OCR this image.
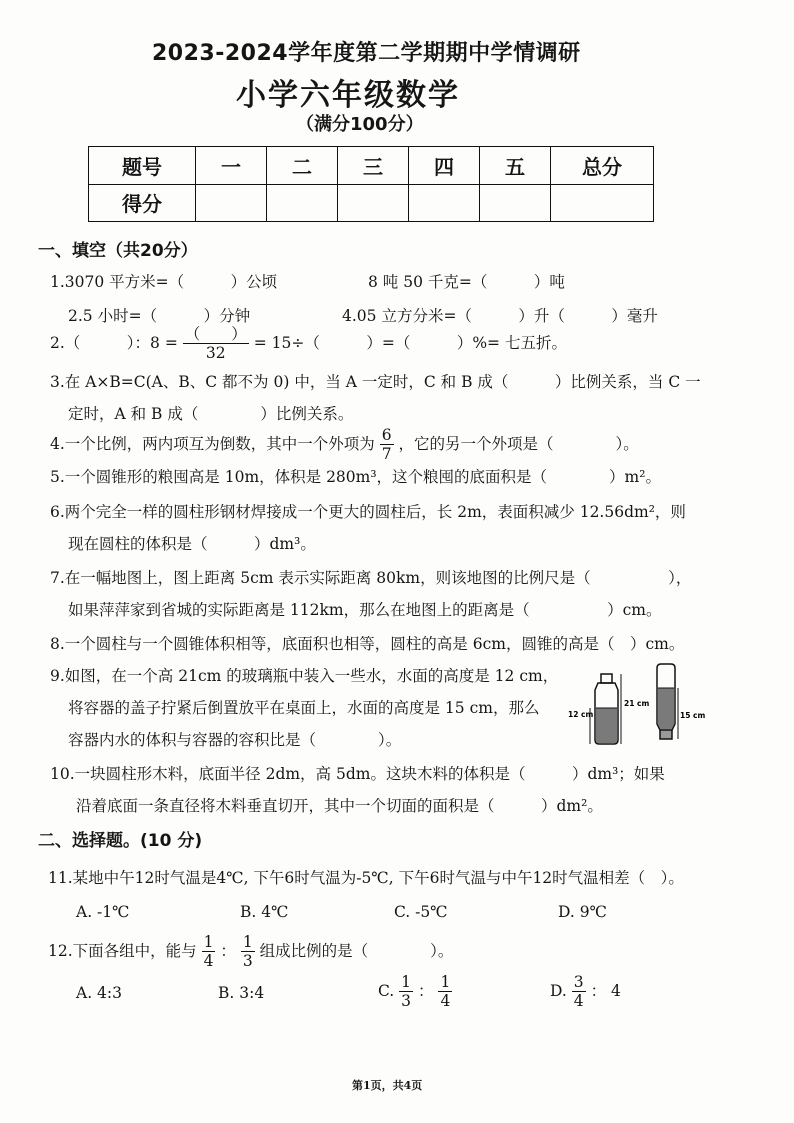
2023-2024学年度第二学期期中学情调研
小学六年级数学
（满分100分）
题号	一	二	三	四	五	总分
得分						
一、填空（共20分）
1.3070 平方米=（　　　）公顷	8 吨 50 千克=（　　　）吨
2.5 小时=（　　　）分钟	4.05 立方分米=（　　　）升（　　　）毫升
2.（　　　）：$8 = \frac{( )}{32} = 15\div$（　　　）=（　　　）%= 七五折。
3.在 A×B=C(A、B、C 都不为 0) 中，当 A 一定时，C 和 B 成（　　　）比例关系，当 C 一
定时，A 和 B 成（　　　　）比例关系。
4.一个比例，两内项互为倒数，其中一个外项为 $\frac{6}{7}$ ，它的另一个外项是（　　　　）。
5.一个圆锥形的粮囤高是 10m，体积是 280m³，这个粮囤的底面积是（　　　　）m²。
6.两个完全一样的圆柱形钢材焊接成一个更大的圆柱后，长 2m，表面积减少 12.56dm²，则
现在圆柱的体积是（　　　）dm³。
7.在一幅地图上，图上距离 5cm 表示实际距离 80km，则该地图的比例尺是（　　　　　），
如果萍萍家到省城的实际距离是 112km，那么在地图上的距离是（　　　　　）cm。
8.一个圆柱与一个圆锥体积相等，底面积也相等，圆柱的高是 6cm，圆锥的高是（　）cm。
9.如图，在一个高 21cm 的玻璃瓶中装入一些水，水面的高度是 12 cm，
将容器的盖子拧紧后倒置放平在桌面上，水面的高度是 15 cm，那么
容器内水的体积与容器的容积比是（　　　　）。
12 cm
21 cm
15 cm
10.一块圆柱形木料，底面半径 2dm，高 5dm。这块木料的体积是（　　　）dm³；如果
沿着底面一条直径将木料垂直切开，其中一个切面的面积是（　　　）dm²。
二、选择题。(10 分)
11.某地中午12时气温是4℃, 下午6时气温为-5℃, 下午6时气温与中午12时气温相差（　）。
A. -1℃	B. 4℃	C. -5℃	D. 9℃
12.下面各组中，能与 $\frac{1}{4}$ ： $\frac{1}{3}$ 组成比例的是（　　　　）。
A. 4:3	B. 3:4	C. $\frac{1}{3}$ ： $\frac{1}{4}$	D. $\frac{3}{4}$ ： 4
第1页，共4页
